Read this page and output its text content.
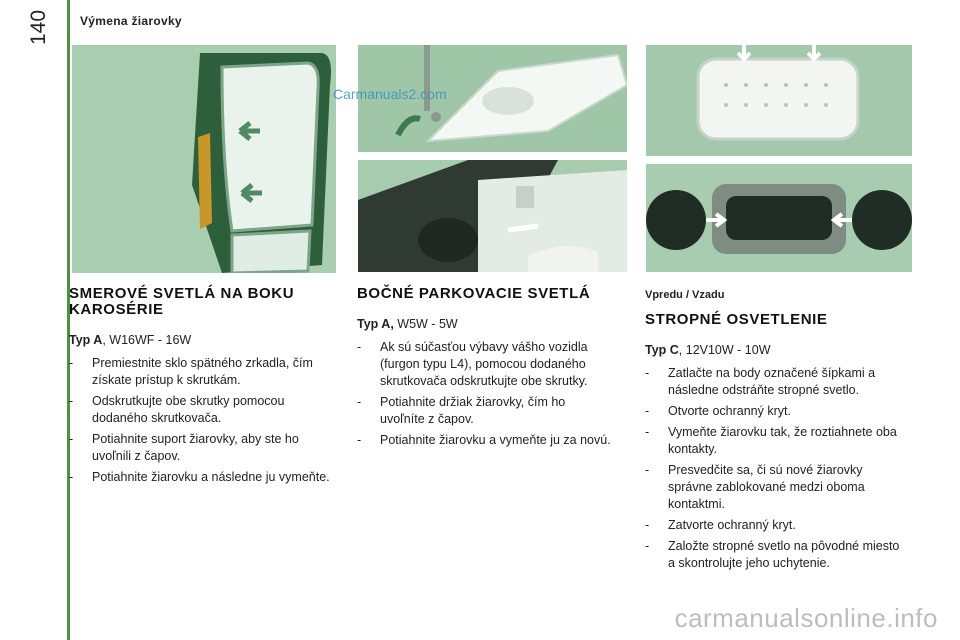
Výmena žiarovky
140
Carmanuals2.com
SMEROVÉ SVETLÁ NA BOKU KAROSÉRIE

Typ A, W16WF - 16W

- Premiestnite sklo spätného zrkadla, čím získate prístup k skrutkám.
- Odskrutkujte obe skrutky pomocou dodaného skrutkovača.
- Potiahnite suport žiarovky, aby ste ho uvoľnili z čapov.
- Potiahnite žiarovku a následne ju vymeňte.
BOČNÉ PARKOVACIE SVETLÁ

Typ A, W5W - 5W

- Ak sú súčasťou výbavy vášho vozidla (furgon typu L4), pomocou dodaného skrutkovača odskrutkujte obe skrutky.
- Potiahnite držiak žiarovky, čím ho uvoľníte z čapov.
- Potiahnite žiarovku a vymeňte ju za novú.
Vpredu / Vzadu
STROPNÉ OSVETLENIE

Typ C, 12V10W - 10W

- Zatlačte na body označené šípkami a následne odstráňte stropné svetlo.
- Otvorte ochranný kryt.
- Vymeňte žiarovku tak, že roztiahnete oba kontakty.
- Presvedčite sa, či sú nové žiarovky správne zablokované medzi oboma kontaktmi.
- Zatvorte ochranný kryt.
- Založte stropné svetlo na pôvodné miesto a skontrolujte jeho uchytenie.
carmanualsonline.info
